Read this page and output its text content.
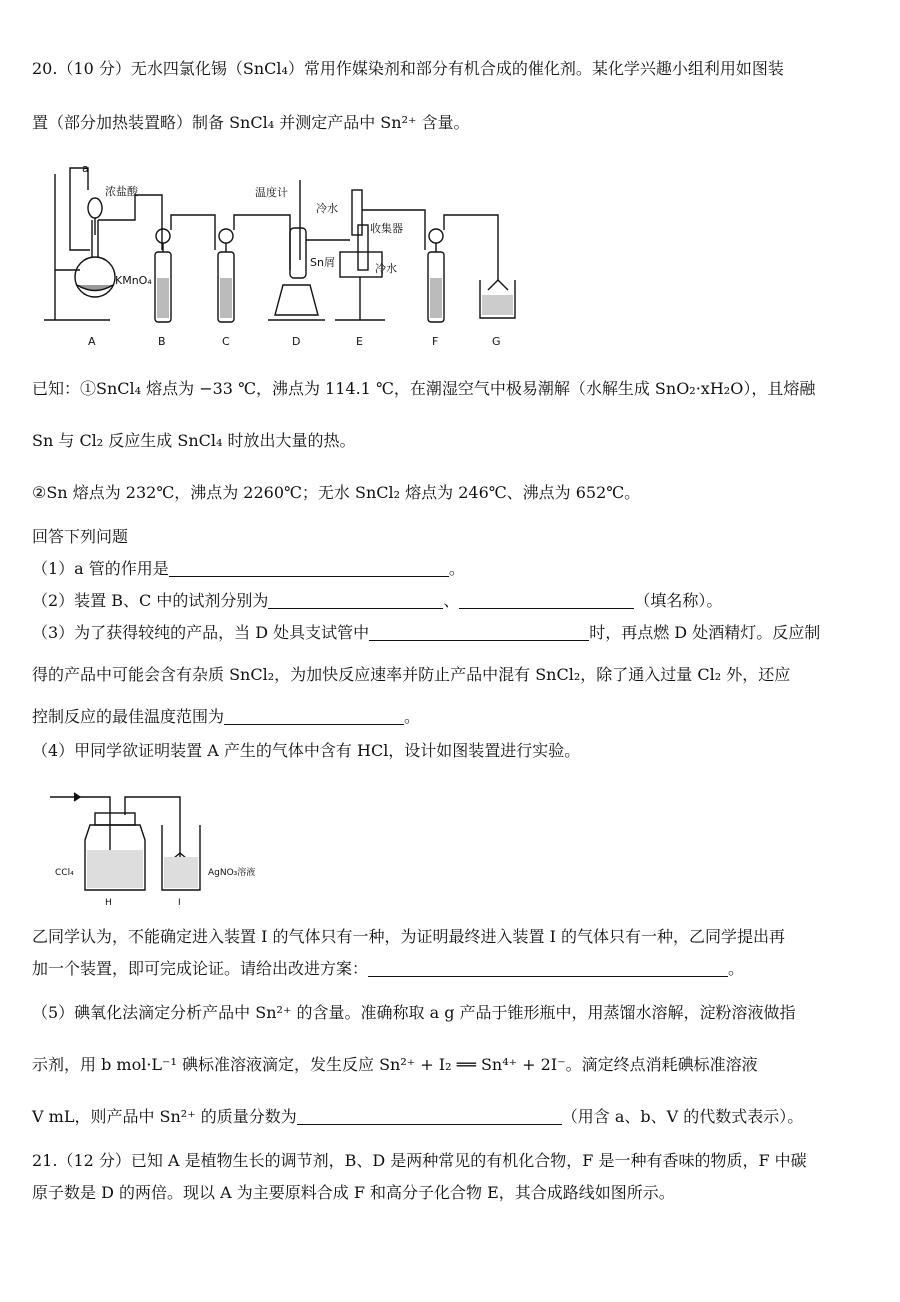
20.（10 分）无水四氯化锡（SnCl₄）常用作媒染剂和部分有机合成的催化剂。某化学兴趣小组利用如图装
置（部分加热装置略）制备 SnCl₄ 并测定产品中 Sn²⁺ 含量。
a
浓盐酸
KMnO₄
温度计
冷水
Sn屑
收集器
冷水
A	B	C	D	E	F	G
已知：①SnCl₄ 熔点为 −33 ℃，沸点为 114.1 ℃，在潮湿空气中极易潮解（水解生成 SnO₂·xH₂O），且熔融
Sn 与 Cl₂ 反应生成 SnCl₄ 时放出大量的热。
②Sn 熔点为 232℃，沸点为 2260℃；无水 SnCl₂ 熔点为 246℃、沸点为 652℃。
回答下列问题
（1）a 管的作用是	。
（2）装置 B、C 中的试剂分别为	、	（填名称）。
（3）为了获得较纯的产品，当 D 处具支试管中	时，再点燃 D 处酒精灯。反应制
得的产品中可能会含有杂质 SnCl₂，为加快反应速率并防止产品中混有 SnCl₂，除了通入过量 Cl₂ 外，还应
控制反应的最佳温度范围为	。
（4）甲同学欲证明装置 A 产生的气体中含有 HCl，设计如图装置进行实验。
CCl₄	AgNO₃溶液
H	I
乙同学认为，不能确定进入装置 I 的气体只有一种，为证明最终进入装置 I 的气体只有一种，乙同学提出再
加一个装置，即可完成论证。请给出改进方案：	。
（5）碘氧化法滴定分析产品中 Sn²⁺ 的含量。准确称取 a g 产品于锥形瓶中，用蒸馏水溶解，淀粉溶液做指
示剂，用 b mol·L⁻¹ 碘标准溶液滴定，发生反应 Sn²⁺ + I₂ ══ Sn⁴⁺ + 2I⁻。滴定终点消耗碘标准溶液
V mL，则产品中 Sn²⁺ 的质量分数为	（用含 a、b、V 的代数式表示）。
21.（12 分）已知 A 是植物生长的调节剂，B、D 是两种常见的有机化合物，F 是一种有香味的物质，F 中碳
原子数是 D 的两倍。现以 A 为主要原料合成 F 和高分子化合物 E，其合成路线如图所示。
